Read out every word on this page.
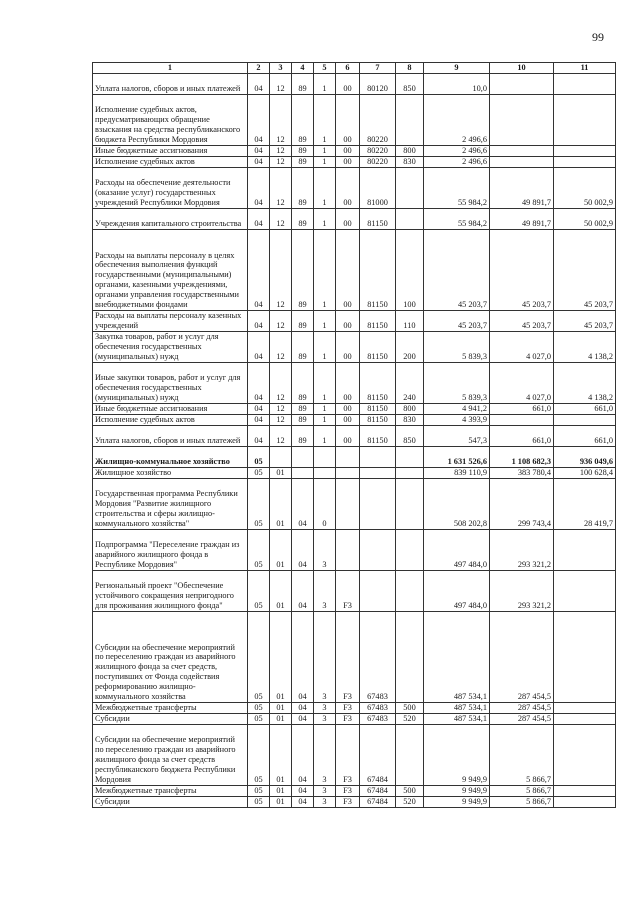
99
1	2	3	4	5	6	7	8	9	10	11
Уплата налогов, сборов и иных платежей	04	12	89	1	00	80120	850	10,0		
Исполнение судебных актов, предусматривающих обращение взыскания на средства республиканского бюджета Республики Мордовия	04	12	89	1	00	80220		2 496,6		
Иные бюджетные ассигнования	04	12	89	1	00	80220	800	2 496,6		
Исполнение судебных актов	04	12	89	1	00	80220	830	2 496,6		
Расходы на обеспечение деятельности (оказание услуг) государственных учреждений Республики Мордовия	04	12	89	1	00	81000		55 984,2	49 891,7	50 002,9
Учреждения капитального строительства	04	12	89	1	00	81150		55 984,2	49 891,7	50 002,9
Расходы на выплаты персоналу в целях обеспечения выполнения функций государственными (муниципальными) органами, казенными учреждениями, органами управления государственными внебюджетными фондами	04	12	89	1	00	81150	100	45 203,7	45 203,7	45 203,7
Расходы на выплаты персоналу казенных учреждений	04	12	89	1	00	81150	110	45 203,7	45 203,7	45 203,7
Закупка товаров, работ и услуг для обеспечения государственных (муниципальных) нужд	04	12	89	1	00	81150	200	5 839,3	4 027,0	4 138,2
Иные закупки товаров, работ и услуг для обеспечения государственных (муниципальных) нужд	04	12	89	1	00	81150	240	5 839,3	4 027,0	4 138,2
Иные бюджетные ассигнования	04	12	89	1	00	81150	800	4 941,2	661,0	661,0
Исполнение судебных актов	04	12	89	1	00	81150	830	4 393,9		
Уплата налогов, сборов и иных платежей	04	12	89	1	00	81150	850	547,3	661,0	661,0
Жилищно-коммунальное хозяйство	05							1 631 526,6	1 108 682,3	936 049,6
Жилищное хозяйство	05	01						839 110,9	383 780,4	100 628,4
Государственная программа Республики Мордовия "Развитие жилищного строительства и сферы жилищно-коммунального хозяйства"	05	01	04	0				508 202,8	299 743,4	28 419,7
Подпрограмма "Переселение граждан из аварийного жилищного фонда в Республике Мордовия"	05	01	04	3				497 484,0	293 321,2	
Региональный проект "Обеспечение устойчивого сокращения непригодного для проживания жилищного фонда"	05	01	04	3	F3			497 484,0	293 321,2	
Субсидии на обеспечение мероприятий по переселению граждан из аварийного жилищного фонда за счет средств, поступивших от Фонда содействия реформированию жилищно-коммунального хозяйства	05	01	04	3	F3	67483		487 534,1	287 454,5	
Межбюджетные трансферты	05	01	04	3	F3	67483	500	487 534,1	287 454,5	
Субсидии	05	01	04	3	F3	67483	520	487 534,1	287 454,5	
Субсидии на обеспечение мероприятий по переселению граждан из аварийного жилищного фонда за счет средств республиканского бюджета Республики Мордовия	05	01	04	3	F3	67484		9 949,9	5 866,7	
Межбюджетные трансферты	05	01	04	3	F3	67484	500	9 949,9	5 866,7	
Субсидии	05	01	04	3	F3	67484	520	9 949,9	5 866,7	
